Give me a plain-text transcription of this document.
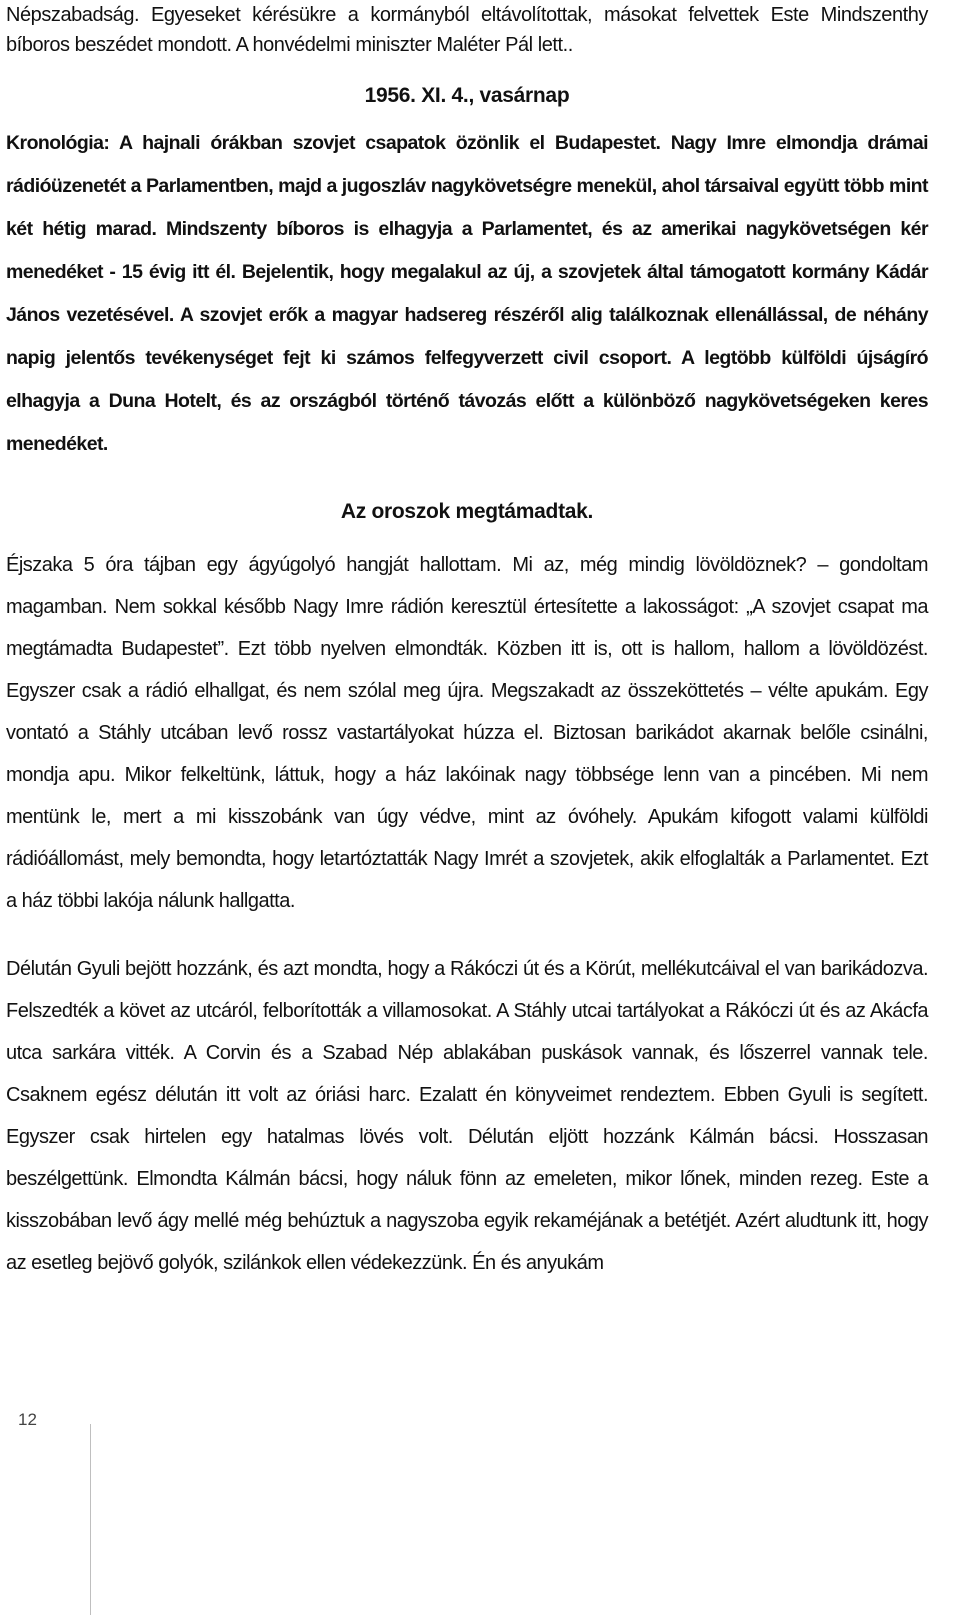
Népszabadság. Egyeseket kérésükre a kormányból eltávolítottak, másokat felvettek Este Mindszenthy bíboros beszédet mondott. A honvédelmi miniszter Maléter Pál lett..

1956. XI. 4., vasárnap

Kronológia: A hajnali órákban szovjet csapatok özönlik el Budapestet. Nagy Imre elmondja drámai rádióüzenetét a Parlamentben, majd a jugoszláv nagykövetségre menekül, ahol társaival együtt több mint két hétig marad. Mindszenty bíboros is elhagyja a Parlamentet, és az amerikai nagykövetségen kér menedéket - 15 évig itt él. Bejelentik, hogy megalakul az új, a szovjetek által támogatott kormány Kádár János vezetésével. A szovjet erők a magyar hadsereg részéről alig találkoznak ellenállással, de néhány napig jelentős tevékenységet fejt ki számos felfegyverzett civil csoport. A legtöbb külföldi újságíró elhagyja a Duna Hotelt, és az országból történő távozás előtt a különböző nagykövetségeken keres menedéket.

Az oroszok megtámadtak.

Éjszaka 5 óra tájban egy ágyúgolyó hangját hallottam. Mi az, még mindig lövöldöznek? – gondoltam magamban. Nem sokkal később Nagy Imre rádión keresztül értesítette a lakosságot: „A szovjet csapat ma megtámadta Budapestet”. Ezt több nyelven elmondták. Közben itt is, ott is hallom, hallom a lövöldözést. Egyszer csak a rádió elhallgat, és nem szólal meg újra. Megszakadt az összeköttetés – vélte apukám. Egy vontató a Stáhly utcában levő rossz vastartályokat húzza el. Biztosan barikádot akarnak belőle csinálni, mondja apu. Mikor felkeltünk, láttuk, hogy a ház lakóinak nagy többsége lenn van a pincében. Mi nem mentünk le, mert a mi kisszobánk van úgy védve, mint az óvóhely. Apukám kifogott valami külföldi rádióállomást, mely bemondta, hogy letartóztatták Nagy Imrét a szovjetek, akik elfoglalták a Parlamentet. Ezt a ház többi lakója nálunk hallgatta.

Délután Gyuli bejött hozzánk, és azt mondta, hogy a Rákóczi út és a Körút, mellékutcáival el van barikádozva. Felszedték a követ az utcáról, felborították a villamosokat. A Stáhly utcai tartályokat a Rákóczi út és az Akácfa utca sarkára vitték. A Corvin és a Szabad Nép ablakában puskások vannak, és lőszerrel vannak tele. Csaknem egész délután itt volt az óriási harc. Ezalatt én könyveimet rendeztem. Ebben Gyuli is segített. Egyszer csak hirtelen egy hatalmas lövés volt. Délután eljött hozzánk Kálmán bácsi. Hosszasan beszélgettünk. Elmondta Kálmán bácsi, hogy náluk fönn az emeleten, mikor lőnek, minden rezeg. Este a kisszobában levő ágy mellé még behúztuk a nagyszoba egyik rekaméjának a betétjét. Azért aludtunk itt, hogy az esetleg bejövő golyók, szilánkok ellen védekezzünk. Én és anyukám

12
